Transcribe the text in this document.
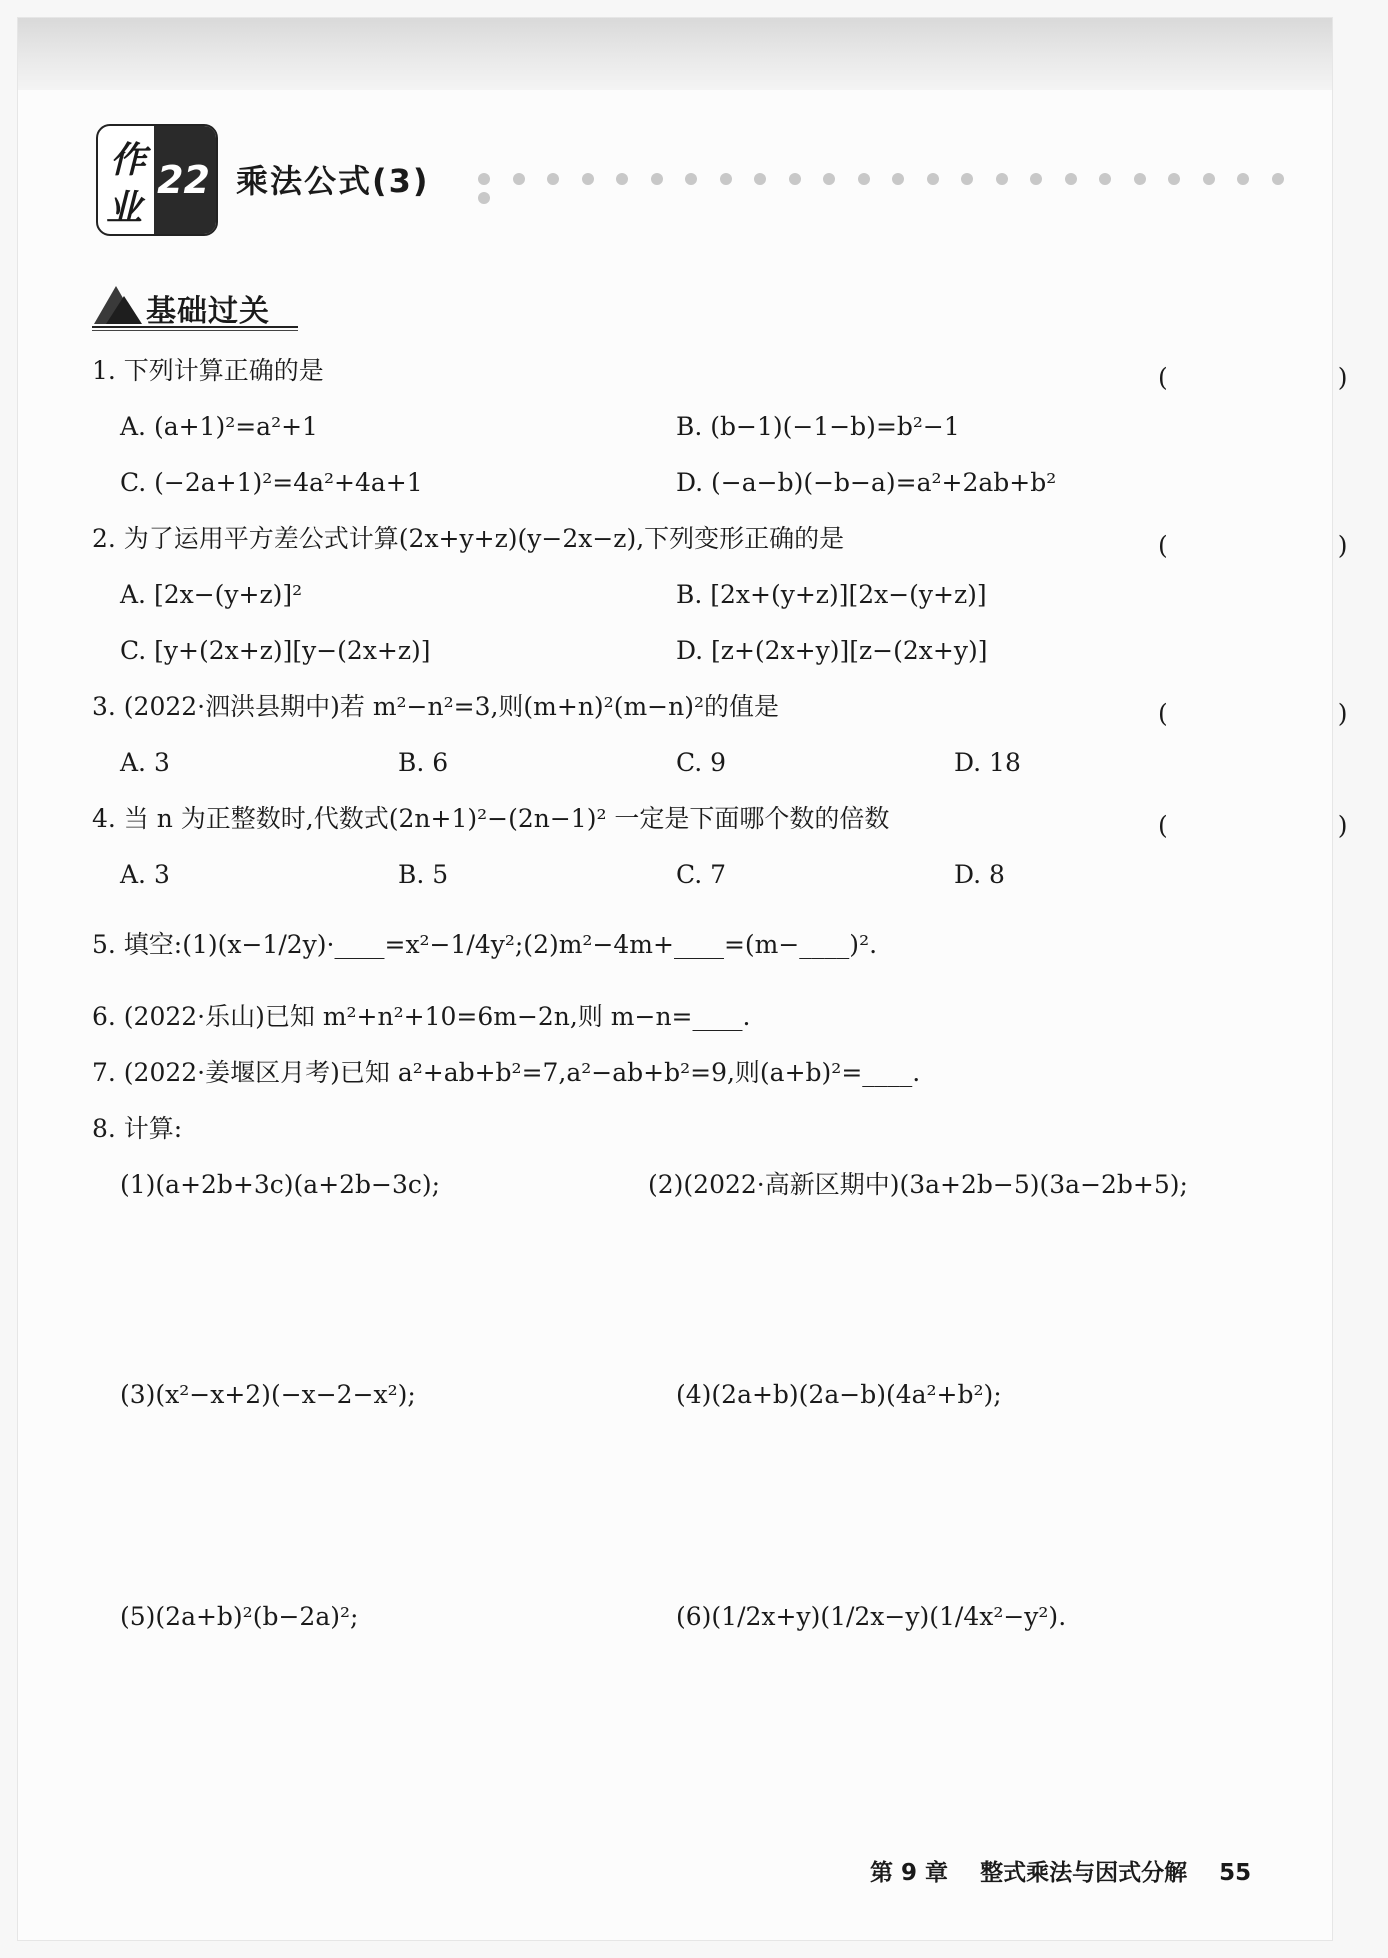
作
业
22 乘法公式(3)
基础过关
1. 下列计算正确的是	(　　)
A. (a+1)²=a²+1	B. (b−1)(−1−b)=b²−1
C. (−2a+1)²=4a²+4a+1	D. (−a−b)(−b−a)=a²+2ab+b²
2. 为了运用平方差公式计算(2x+y+z)(y−2x−z),下列变形正确的是	(　　)
A. [2x−(y+z)]²	B. [2x+(y+z)][2x−(y+z)]
C. [y+(2x+z)][y−(2x+z)]	D. [z+(2x+y)][z−(2x+y)]
3. (2022·泗洪县期中)若 m²−n²=3,则(m+n)²(m−n)²的值是	(　　)
A. 3	B. 6	C. 9	D. 18
4. 当 n 为正整数时,代数式(2n+1)²−(2n−1)² 一定是下面哪个数的倍数	(　　)
A. 3	B. 5	C. 7	D. 8
5. 填空:(1)(x−1/2y)·____=x²−1/4y²;(2)m²−4m+____=(m−____)².
6. (2022·乐山)已知 m²+n²+10=6m−2n,则 m−n=____.
7. (2022·姜堰区月考)已知 a²+ab+b²=7,a²−ab+b²=9,则(a+b)²=____.
8. 计算:
(1)(a+2b+3c)(a+2b−3c);	(2)(2022·高新区期中)(3a+2b−5)(3a−2b+5);
(3)(x²−x+2)(−x−2−x²);	(4)(2a+b)(2a−b)(4a²+b²);
(5)(2a+b)²(b−2a)²;	(6)(1/2x+y)(1/2x−y)(1/4x²−y²).
第 9 章 整式乘法与因式分解 55
